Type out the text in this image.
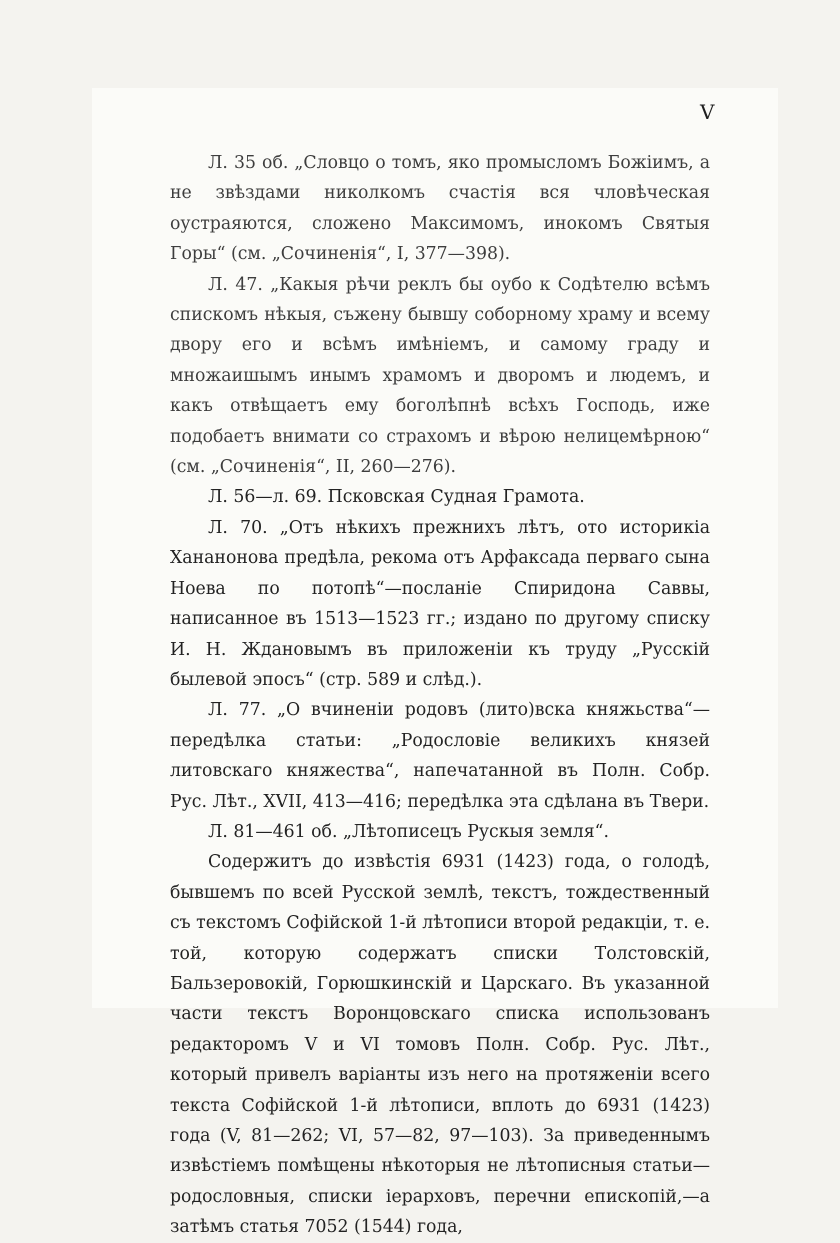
V

Л. 35 об. „Словцо о томъ, яко промысломъ Божіимъ, а не звѣздами николкомъ счастія вся чловѣческая оустраяются, сложено Максимомъ, инокомъ Святыя Горы“ (см. „Сочиненія“, I, 377—398).

Л. 47. „Какыя рѣчи реклъ бы оубо к Содѣтелю всѣмъ спискомъ нѣкыя, съжену бывшу соборному храму и всему двору его и всѣмъ имѣніемъ, и самому граду и множаишымъ инымъ храмомъ и дворомъ и людемъ, и какъ отвѣщаетъ ему боголѣпнѣ всѣхъ Господь, иже подобаетъ внимати со страхомъ и вѣрою нелицемѣрною“ (см. „Сочиненія“, II, 260—276).

Л. 56—л. 69. Псковская Судная Грамота.

Л. 70. „Отъ нѣкихъ прежнихъ лѣтъ, ото историкіа Хананонова предѣла, рекома отъ Арфаксада перваго сына Ноева по потопѣ“—посланіе Спиридона Саввы, написанное въ 1513—1523 гг.; издано по другому списку И. Н. Ждановымъ въ приложеніи къ труду „Русскій былевой эпосъ“ (стр. 589 и слѣд.).

Л. 77. „О вчиненіи родовъ (лито)вска княжьства“—передѣлка статьи: „Родословіе великихъ князей литовскаго княжества“, напечатанной въ Полн. Собр. Рус. Лѣт., XVII, 413—416; передѣлка эта сдѣлана въ Твери.

Л. 81—461 об. „Лѣтописецъ Рускыя земля“.

Содержитъ до извѣстія 6931 (1423) года, о голодѣ, бывшемъ по всей Русской землѣ, текстъ, тождественный съ текстомъ Софійской 1-й лѣтописи второй редакціи, т. е. той, которую содержатъ списки Толстовскій, Бальзеровокій, Горюшкинскій и Царскаго. Въ указанной части текстъ Воронцовскаго списка использованъ редакторомъ V и VI томовъ Полн. Собр. Рус. Лѣт., который привелъ варіанты изъ него на протяженіи всего текста Софійской 1-й лѣтописи, вплоть до 6931 (1423) года (V, 81—262; VI, 57—82, 97—103). За приведеннымъ извѣстіемъ помѣщены нѣкоторыя не лѣтописныя статьи—родословныя, списки іерарховъ, перечни епископій,—а затѣмъ статья 7052 (1544) года,
